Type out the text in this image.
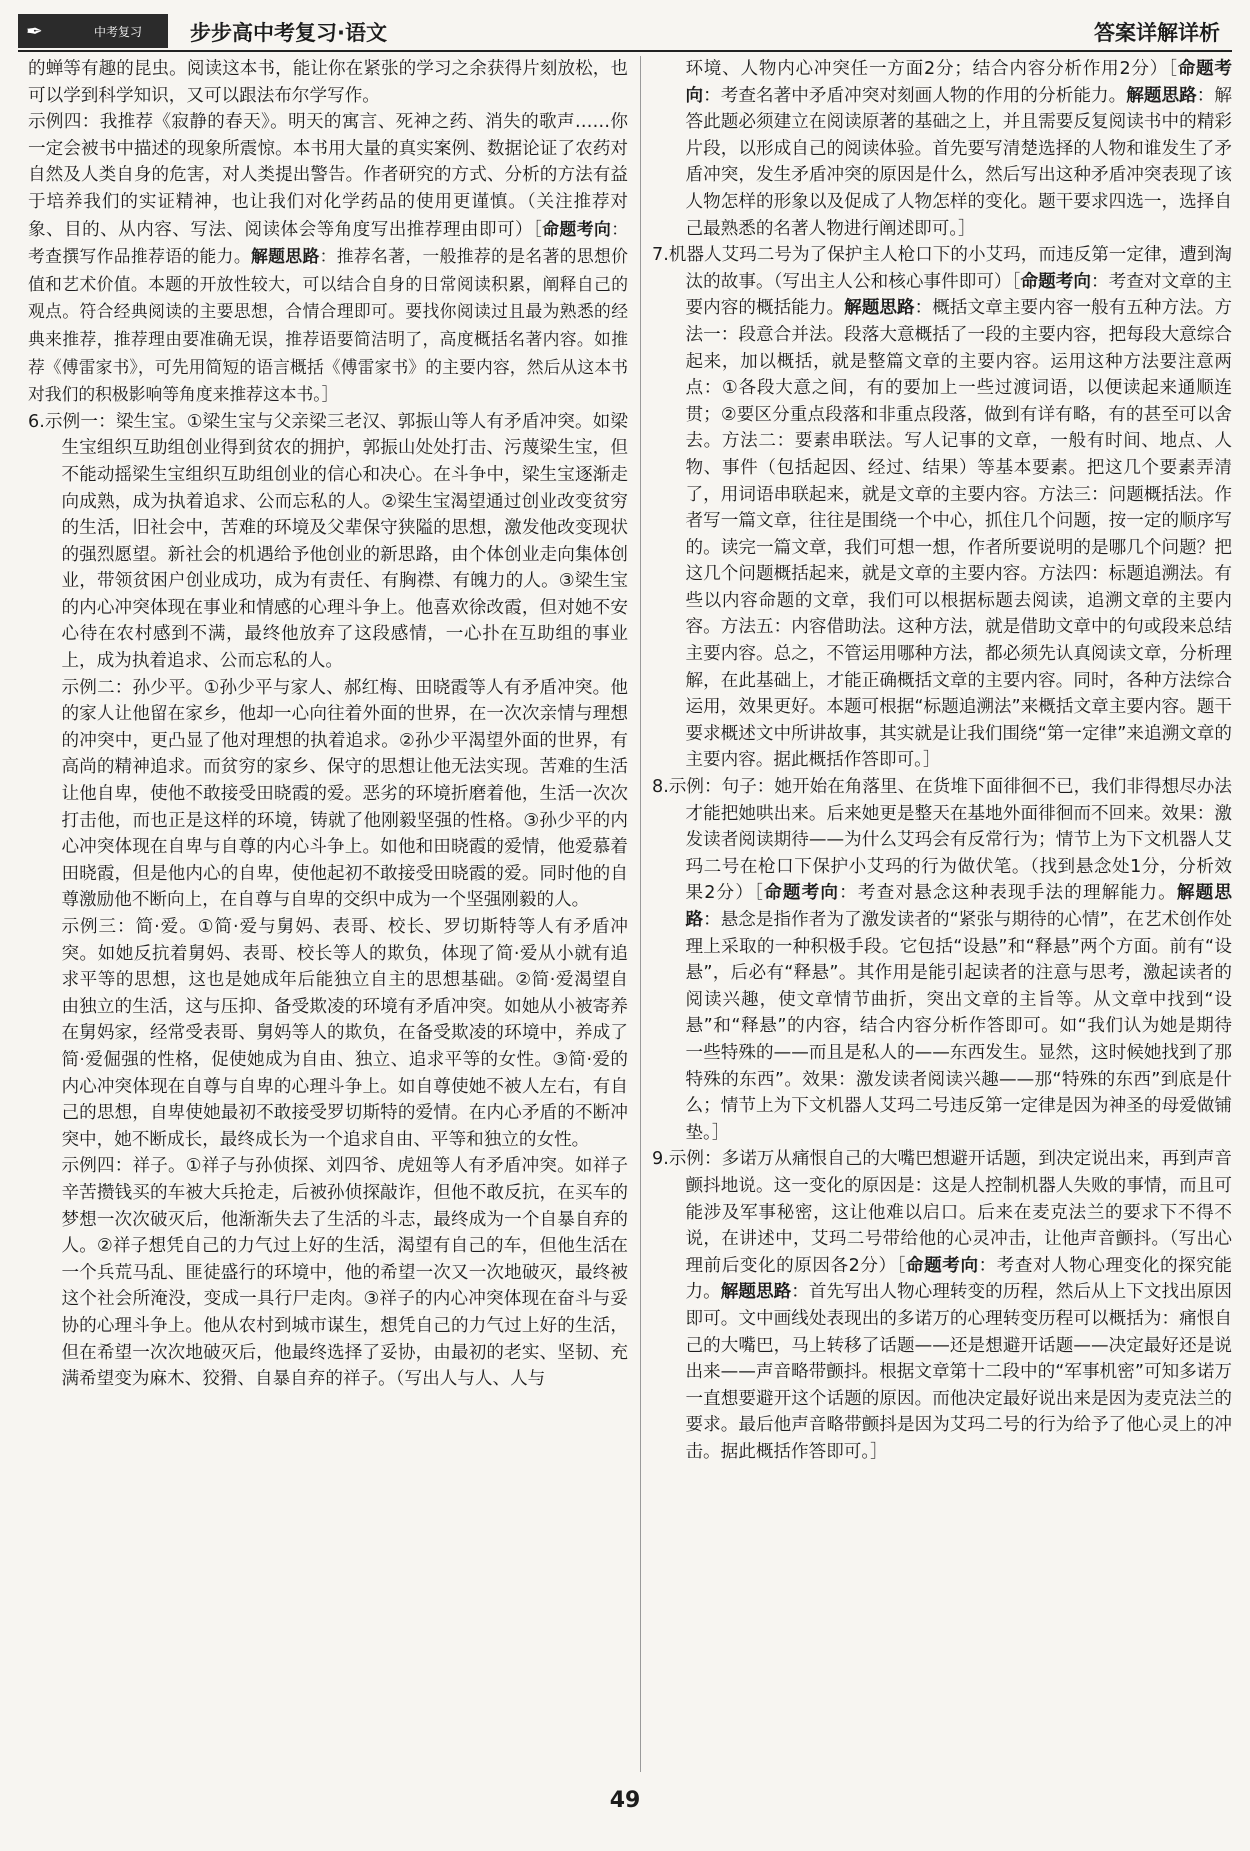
✒	中考复习 步步高中考复习·语文	答案详解详析

的蝉等有趣的昆虫。阅读这本书，能让你在紧张的学习之余获得片刻放松，也可以学到科学知识，又可以跟法布尔学写作。

示例四：我推荐《寂静的春天》。明天的寓言、死神之药、消失的歌声……你一定会被书中描述的现象所震惊。本书用大量的真实案例、数据论证了农药对自然及人类自身的危害，对人类提出警告。作者研究的方式、分析的方法有益于培养我们的实证精神，也让我们对化学药品的使用更谨慎。（关注推荐对象、目的、从内容、写法、阅读体会等角度写出推荐理由即可）［命题考向：考查撰写作品推荐语的能力。解题思路：推荐名著，一般推荐的是名著的思想价值和艺术价值。本题的开放性较大，可以结合自身的日常阅读积累，阐释自己的观点。符合经典阅读的主要思想，合情合理即可。要找你阅读过且最为熟悉的经典来推荐，推荐理由要准确无误，推荐语要简洁明了，高度概括名著内容。如推荐《傅雷家书》，可先用简短的语言概括《傅雷家书》的主要内容，然后从这本书对我们的积极影响等角度来推荐这本书。］

6.示例一：梁生宝。①梁生宝与父亲梁三老汉、郭振山等人有矛盾冲突。如梁生宝组织互助组创业得到贫农的拥护，郭振山处处打击、污蔑梁生宝，但不能动摇梁生宝组织互助组创业的信心和决心。在斗争中，梁生宝逐渐走向成熟，成为执着追求、公而忘私的人。②梁生宝渴望通过创业改变贫穷的生活，旧社会中，苦难的环境及父辈保守狭隘的思想，激发他改变现状的强烈愿望。新社会的机遇给予他创业的新思路，由个体创业走向集体创业，带领贫困户创业成功，成为有责任、有胸襟、有魄力的人。③梁生宝的内心冲突体现在事业和情感的心理斗争上。他喜欢徐改霞，但对她不安心待在农村感到不满，最终他放弃了这段感情，一心扑在互助组的事业上，成为执着追求、公而忘私的人。

示例二：孙少平。①孙少平与家人、郝红梅、田晓霞等人有矛盾冲突。他的家人让他留在家乡，他却一心向往着外面的世界，在一次次亲情与理想的冲突中，更凸显了他对理想的执着追求。②孙少平渴望外面的世界，有高尚的精神追求。而贫穷的家乡、保守的思想让他无法实现。苦难的生活让他自卑，使他不敢接受田晓霞的爱。恶劣的环境折磨着他，生活一次次打击他，而也正是这样的环境，铸就了他刚毅坚强的性格。③孙少平的内心冲突体现在自卑与自尊的内心斗争上。如他和田晓霞的爱情，他爱慕着田晓霞，但是他内心的自卑，使他起初不敢接受田晓霞的爱。同时他的自尊激励他不断向上，在自尊与自卑的交织中成为一个坚强刚毅的人。

示例三：简·爱。①简·爱与舅妈、表哥、校长、罗切斯特等人有矛盾冲突。如她反抗着舅妈、表哥、校长等人的欺负，体现了简·爱从小就有追求平等的思想，这也是她成年后能独立自主的思想基础。②简·爱渴望自由独立的生活，这与压抑、备受欺凌的环境有矛盾冲突。如她从小被寄养在舅妈家，经常受表哥、舅妈等人的欺负，在备受欺凌的环境中，养成了简·爱倔强的性格，促使她成为自由、独立、追求平等的女性。③简·爱的内心冲突体现在自尊与自卑的心理斗争上。如自尊使她不被人左右，有自己的思想，自卑使她最初不敢接受罗切斯特的爱情。在内心矛盾的不断冲突中，她不断成长，最终成长为一个追求自由、平等和独立的女性。

示例四：祥子。①祥子与孙侦探、刘四爷、虎妞等人有矛盾冲突。如祥子辛苦攒钱买的车被大兵抢走，后被孙侦探敲诈，但他不敢反抗，在买车的梦想一次次破灭后，他渐渐失去了生活的斗志，最终成为一个自暴自弃的人。②祥子想凭自己的力气过上好的生活，渴望有自己的车，但他生活在一个兵荒马乱、匪徒盛行的环境中，他的希望一次又一次地破灭，最终被这个社会所淹没，变成一具行尸走肉。③祥子的内心冲突体现在奋斗与妥协的心理斗争上。他从农村到城市谋生，想凭自己的力气过上好的生活，但在希望一次次地破灭后，他最终选择了妥协，由最初的老实、坚韧、充满希望变为麻木、狡猾、自暴自弃的祥子。（写出人与人、人与

环境、人物内心冲突任一方面2分；结合内容分析作用2分）［命题考向：考查名著中矛盾冲突对刻画人物的作用的分析能力。解题思路：解答此题必须建立在阅读原著的基础之上，并且需要反复阅读书中的精彩片段，以形成自己的阅读体验。首先要写清楚选择的人物和谁发生了矛盾冲突，发生矛盾冲突的原因是什么，然后写出这种矛盾冲突表现了该人物怎样的形象以及促成了人物怎样的变化。题干要求四选一，选择自己最熟悉的名著人物进行阐述即可。］

7.机器人艾玛二号为了保护主人枪口下的小艾玛，而违反第一定律，遭到淘汰的故事。（写出主人公和核心事件即可）［命题考向：考查对文章的主要内容的概括能力。解题思路：概括文章主要内容一般有五种方法。方法一：段意合并法。段落大意概括了一段的主要内容，把每段大意综合起来，加以概括，就是整篇文章的主要内容。运用这种方法要注意两点：①各段大意之间，有的要加上一些过渡词语，以便读起来通顺连贯；②要区分重点段落和非重点段落，做到有详有略，有的甚至可以舍去。方法二：要素串联法。写人记事的文章，一般有时间、地点、人物、事件（包括起因、经过、结果）等基本要素。把这几个要素弄清了，用词语串联起来，就是文章的主要内容。方法三：问题概括法。作者写一篇文章，往往是围绕一个中心，抓住几个问题，按一定的顺序写的。读完一篇文章，我们可想一想，作者所要说明的是哪几个问题？把这几个问题概括起来，就是文章的主要内容。方法四：标题追溯法。有些以内容命题的文章，我们可以根据标题去阅读，追溯文章的主要内容。方法五：内容借助法。这种方法，就是借助文章中的句或段来总结主要内容。总之，不管运用哪种方法，都必须先认真阅读文章，分析理解，在此基础上，才能正确概括文章的主要内容。同时，各种方法综合运用，效果更好。本题可根据“标题追溯法”来概括文章主要内容。题干要求概述文中所讲故事，其实就是让我们围绕“第一定律”来追溯文章的主要内容。据此概括作答即可。］

8.示例：句子：她开始在角落里、在货堆下面徘徊不已，我们非得想尽办法才能把她哄出来。后来她更是整天在基地外面徘徊而不回来。效果：激发读者阅读期待——为什么艾玛会有反常行为；情节上为下文机器人艾玛二号在枪口下保护小艾玛的行为做伏笔。（找到悬念处1分，分析效果2分）［命题考向：考查对悬念这种表现手法的理解能力。解题思路：悬念是指作者为了激发读者的“紧张与期待的心情”，在艺术创作处理上采取的一种积极手段。它包括“设悬”和“释悬”两个方面。前有“设悬”，后必有“释悬”。其作用是能引起读者的注意与思考，激起读者的阅读兴趣，使文章情节曲折，突出文章的主旨等。从文章中找到“设悬”和“释悬”的内容，结合内容分析作答即可。如“我们认为她是期待一些特殊的——而且是私人的——东西发生。显然，这时候她找到了那特殊的东西”。效果：激发读者阅读兴趣——那“特殊的东西”到底是什么；情节上为下文机器人艾玛二号违反第一定律是因为神圣的母爱做铺垫。］

9.示例：多诺万从痛恨自己的大嘴巴想避开话题，到决定说出来，再到声音颤抖地说。这一变化的原因是：这是人控制机器人失败的事情，而且可能涉及军事秘密，这让他难以启口。后来在麦克法兰的要求下不得不说，在讲述中，艾玛二号带给他的心灵冲击，让他声音颤抖。（写出心理前后变化的原因各2分）［命题考向：考查对人物心理变化的探究能力。解题思路：首先写出人物心理转变的历程，然后从上下文找出原因即可。文中画线处表现出的多诺万的心理转变历程可以概括为：痛恨自己的大嘴巴，马上转移了话题——还是想避开话题——决定最好还是说出来——声音略带颤抖。根据文章第十二段中的“军事机密”可知多诺万一直想要避开这个话题的原因。而他决定最好说出来是因为麦克法兰的要求。最后他声音略带颤抖是因为艾玛二号的行为给予了他心灵上的冲击。据此概括作答即可。］

49
